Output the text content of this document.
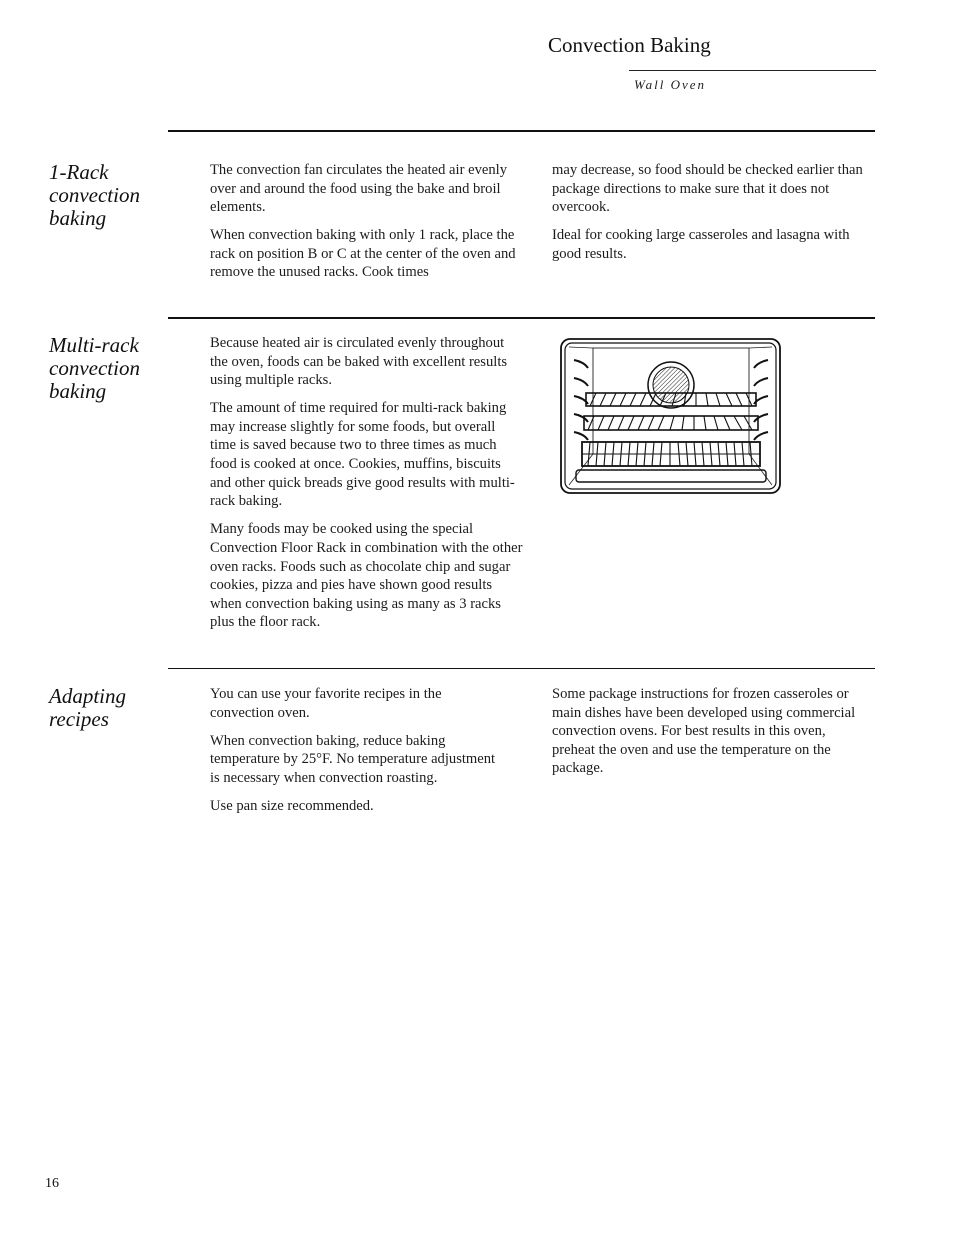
Convection Baking
Wall Oven
1-Rack convection baking

The convection fan circulates the heated air evenly over and around the food using the bake and broil elements.

When convection baking with only 1 rack, place the rack on position B or C at the center of the oven and remove the unused racks. Cook times

may decrease, so food should be checked earlier than package directions to make sure that it does not overcook.

Ideal for cooking large casseroles and lasagna with good results.

Multi-rack convection baking

Because heated air is circulated evenly throughout the oven, foods can be baked with excellent results using multiple racks.

The amount of time required for multi-rack baking may increase slightly for some foods, but overall time is saved because two to three times as much food is cooked at once. Cookies, muffins, biscuits and other quick breads give good results with multi-rack baking.

Many foods may be cooked using the special Convection Floor Rack in combination with the other oven racks. Foods such as chocolate chip and sugar cookies, pizza and pies have shown good results when convection baking using as many as 3 racks plus the floor rack.

Adapting recipes

You can use your favorite recipes in the convection oven.

When convection baking, reduce baking temperature by 25°F. No temperature adjustment is necessary when convection roasting.

Use pan size recommended.

Some package instructions for frozen casseroles or main dishes have been developed using commercial convection ovens. For best results in this oven, preheat the oven and use the temperature on the package.

16
